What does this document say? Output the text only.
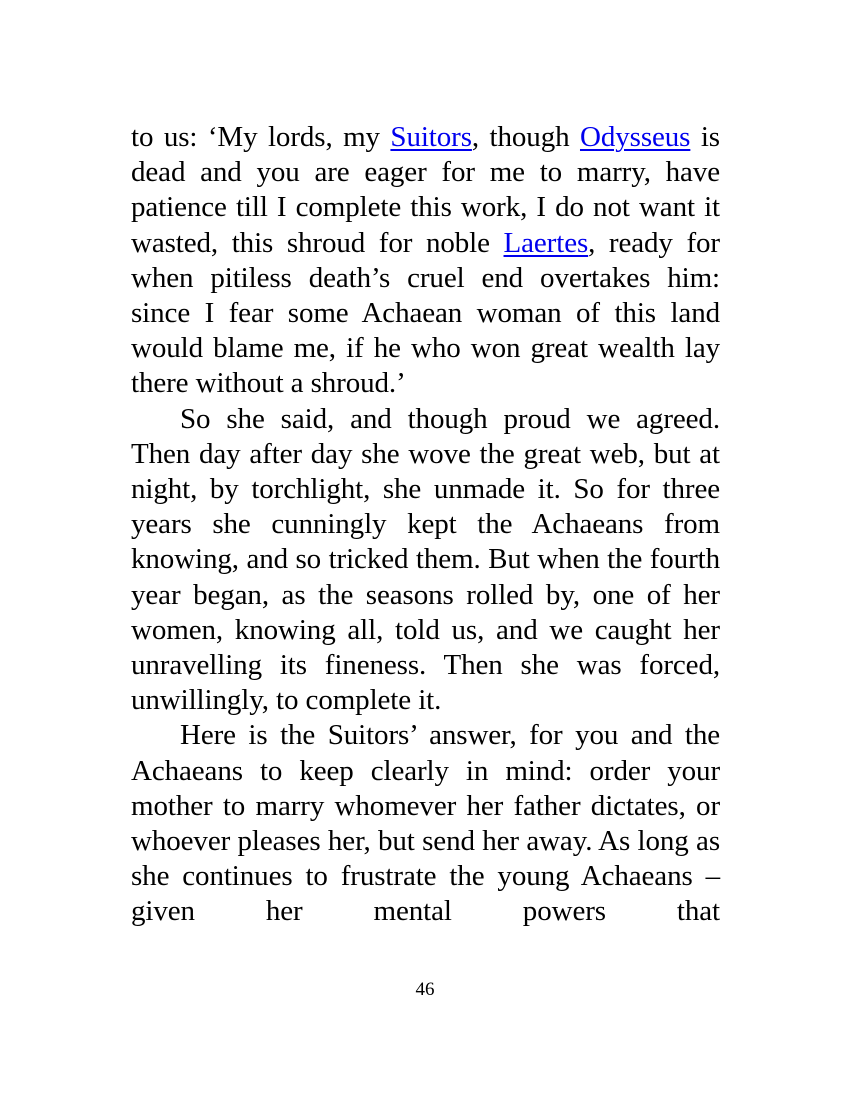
to us: ‘My lords, my Suitors, though Odysseus is dead and you are eager for me to marry, have patience till I complete this work, I do not want it wasted, this shroud for noble Laertes, ready for when pitiless death’s cruel end overtakes him: since I fear some Achaean woman of this land would blame me, if he who won great wealth lay there without a shroud.’

So she said, and though proud we agreed. Then day after day she wove the great web, but at night, by torchlight, she unmade it. So for three years she cunningly kept the Achaeans from knowing, and so tricked them. But when the fourth year began, as the seasons rolled by, one of her women, knowing all, told us, and we caught her unravelling its fineness. Then she was forced, unwillingly, to complete it.

Here is the Suitors’ answer, for you and the Achaeans to keep clearly in mind: order your mother to marry whomever her father dictates, or whoever pleases her, but send her away. As long as she continues to frustrate the young Achaeans – given her mental powers that

46
